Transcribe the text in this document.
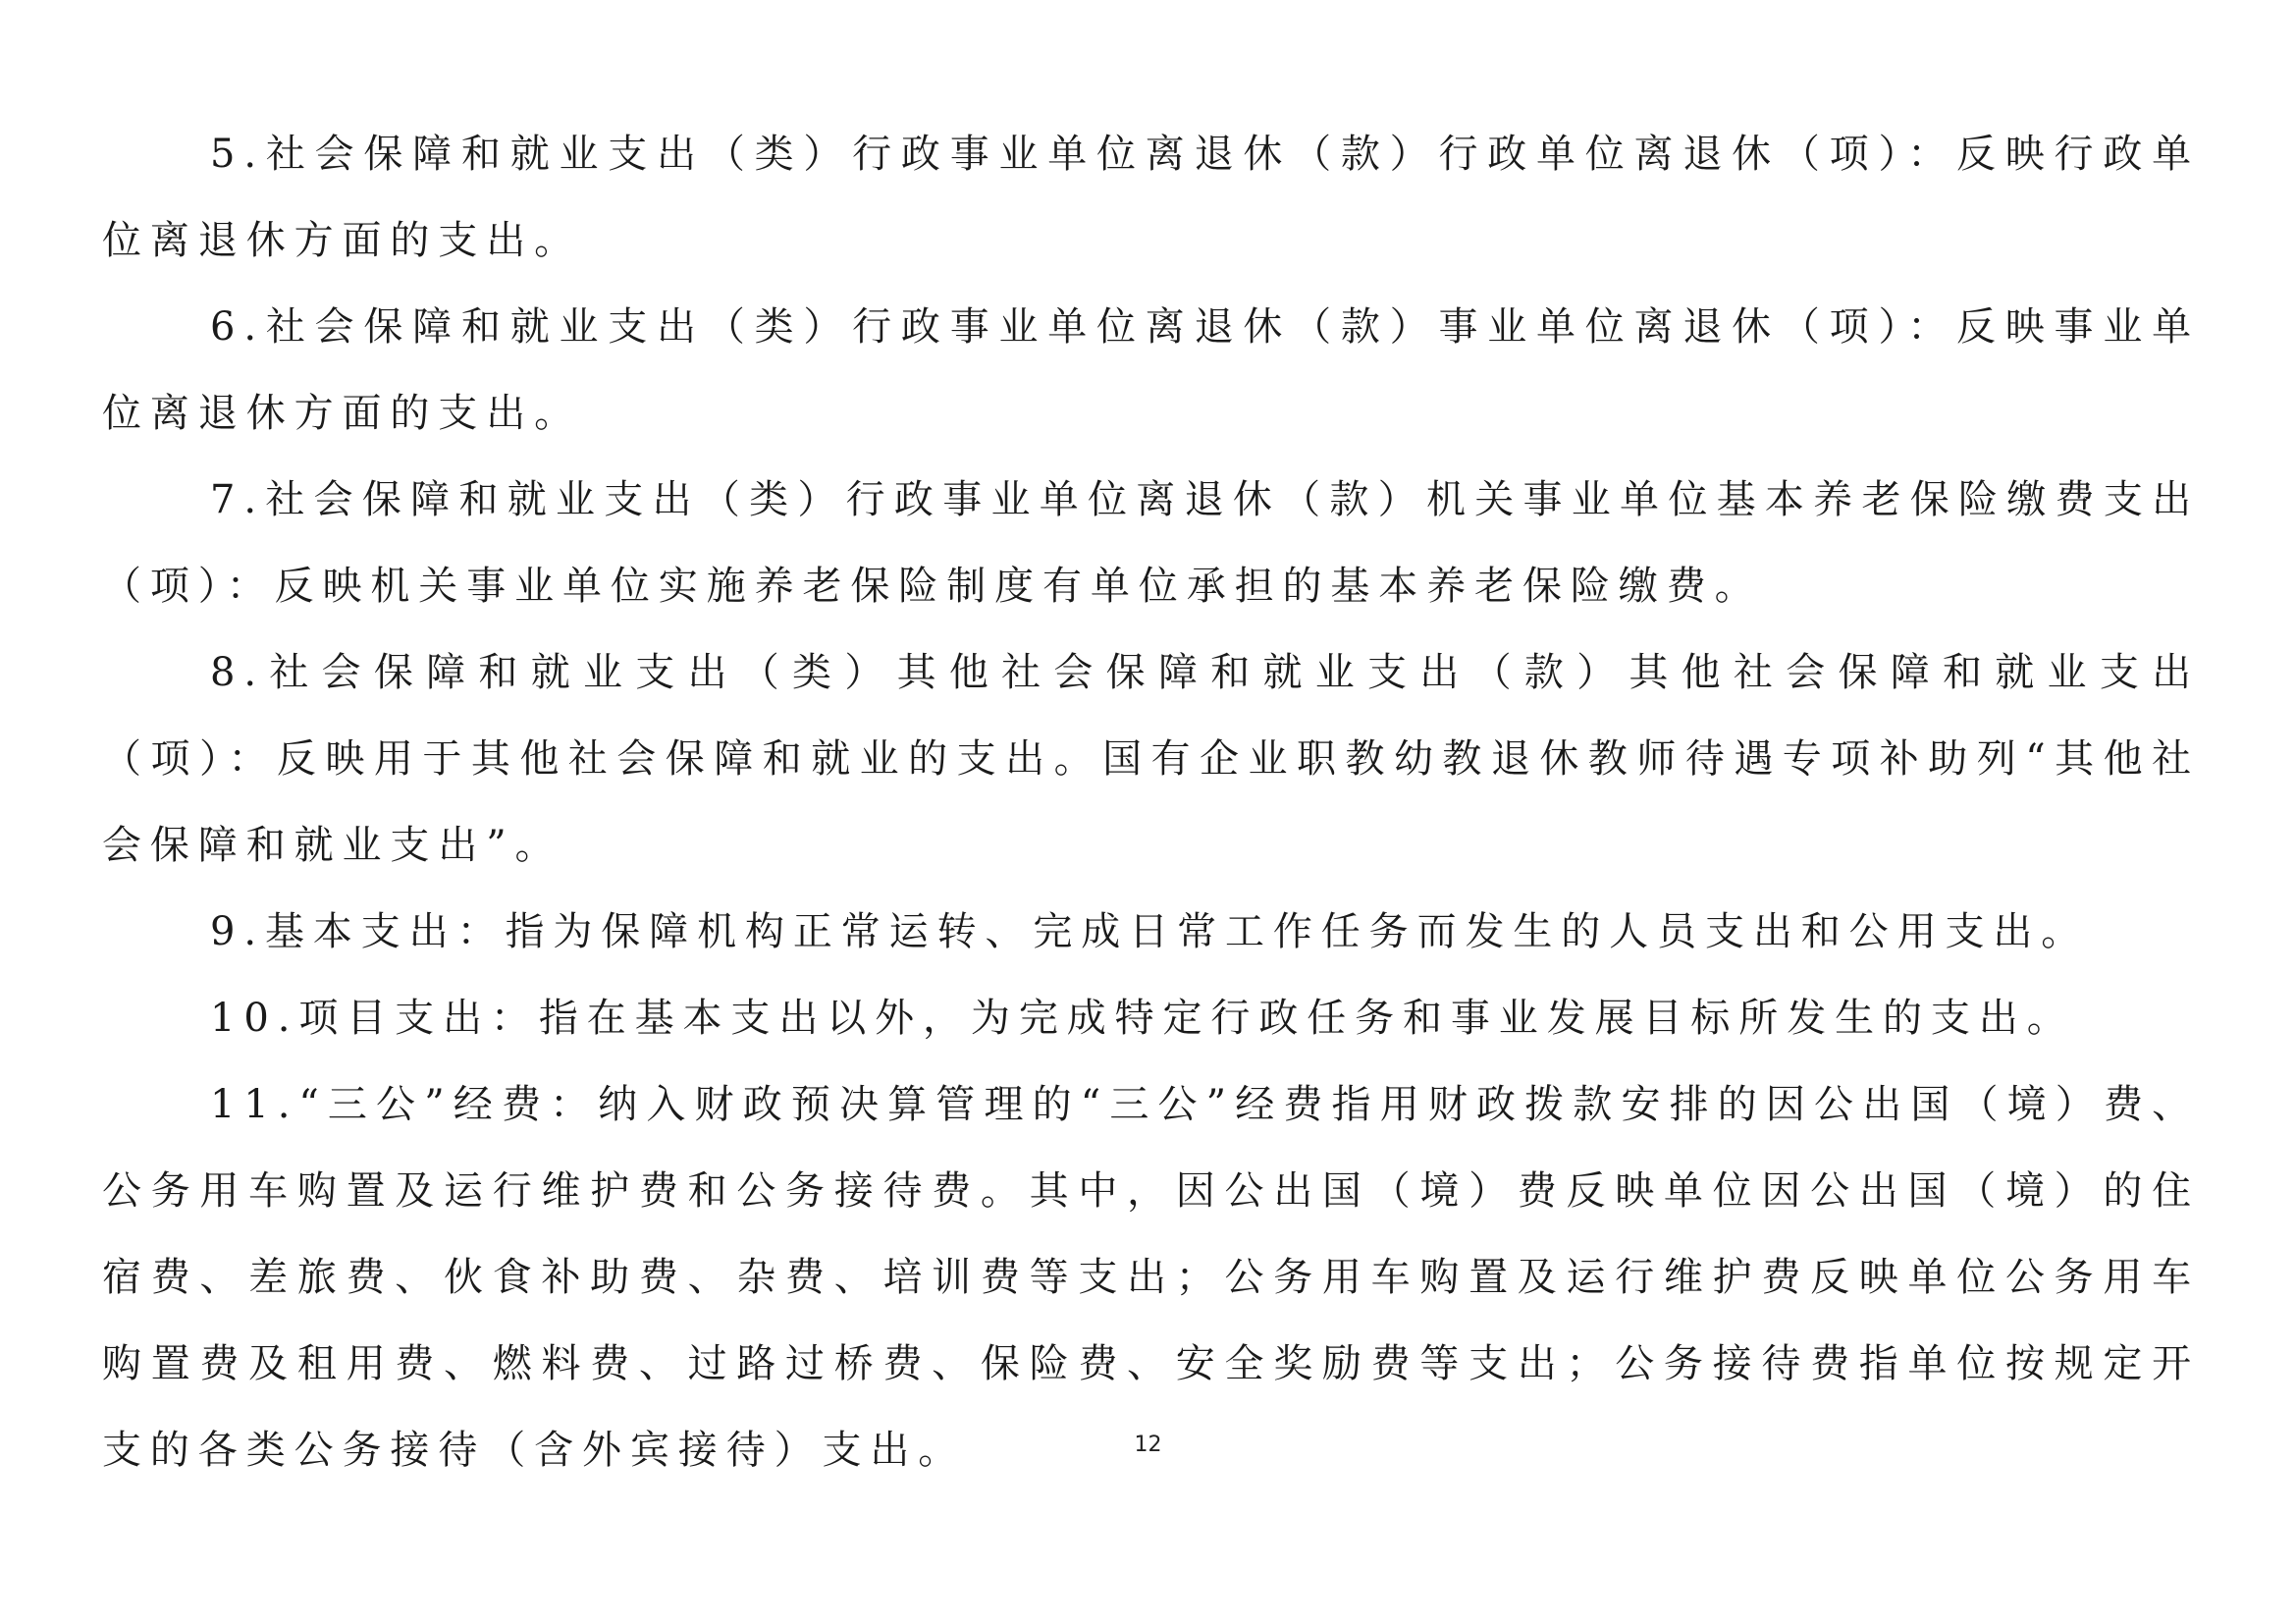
5.社会保障和就业支出（类）行政事业单位离退休（款）行政单位离退休（项）：反映行政单位离退休方面的支出。

6.社会保障和就业支出（类）行政事业单位离退休（款）事业单位离退休（项）：反映事业单位离退休方面的支出。

7.社会保障和就业支出（类）行政事业单位离退休（款）机关事业单位基本养老保险缴费支出（项）：反映机关事业单位实施养老保险制度有单位承担的基本养老保险缴费。

8.社会保障和就业支出（类）其他社会保障和就业支出（款）其他社会保障和就业支出（项）：反映用于其他社会保障和就业的支出。国有企业职教幼教退休教师待遇专项补助列“其他社会保障和就业支出”。

9.基本支出：指为保障机构正常运转、完成日常工作任务而发生的人员支出和公用支出。

10.项目支出：指在基本支出以外，为完成特定行政任务和事业发展目标所发生的支出。

11.“三公”经费：纳入财政预决算管理的“三公”经费指用财政拨款安排的因公出国（境）费、公务用车购置及运行维护费和公务接待费。其中，因公出国（境）费反映单位因公出国（境）的住宿费、差旅费、伙食补助费、杂费、培训费等支出；公务用车购置及运行维护费反映单位公务用车购置费及租用费、燃料费、过路过桥费、保险费、安全奖励费等支出；公务接待费指单位按规定开支的各类公务接待（含外宾接待）支出。	12
